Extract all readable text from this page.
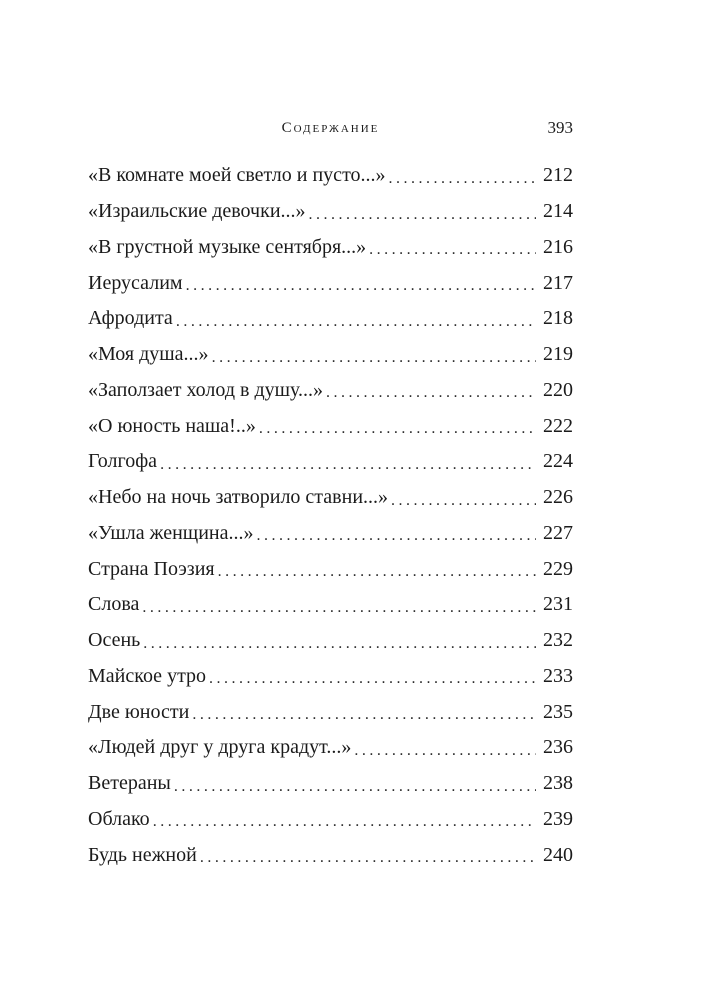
Содержание	393
«В комнате моей светло и пусто...» .....	212
«Израильские девочки...» .....	214
«В грустной музыке сентября...» .....	216
Иерусалим .....	217
Афродита .....	218
«Моя душа...» .....	219
«Заползает холод в душу...» .....	220
«О юность наша!..» .....	222
Голгофа .....	224
«Небо на ночь затворило ставни...» .....	226
«Ушла женщина...» .....	227
Страна Поэзия .....	229
Слова .....	231
Осень .....	232
Майское утро .....	233
Две юности .....	235
«Людей друг у друга крадут...» .....	236
Ветераны .....	238
Облако .....	239
Будь нежной .....	240
